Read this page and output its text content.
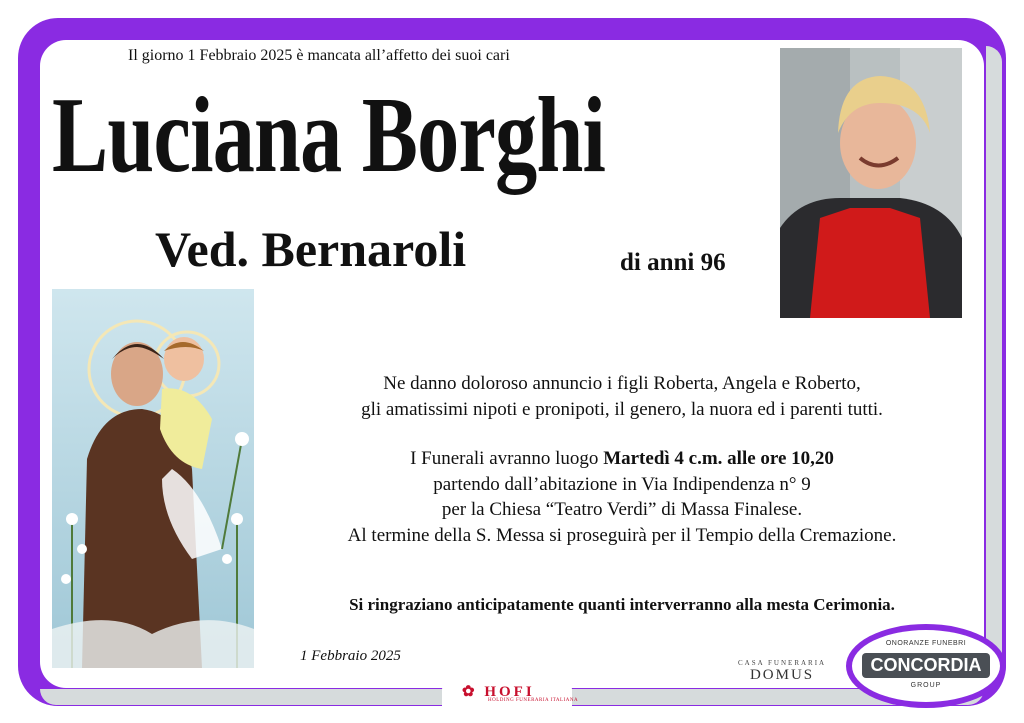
Il giorno 1 Febbraio 2025 è mancata all’affetto dei suoi cari
Luciana Borghi
Ved. Bernaroli	di anni 96
Ne danno doloroso annuncio i figli Roberta, Angela e Roberto,
gli amatissimi nipoti e pronipoti, il genero, la nuora ed i parenti tutti.
I Funerali avranno luogo Martedì 4 c.m. alle ore 10,20
partendo dall’abitazione in Via Indipendenza n° 9
per la Chiesa “Teatro Verdi” di Massa Finalese.
Al termine della S. Messa si proseguirà per il Tempio della Cremazione.
Si ringraziano anticipatamente quanti interverranno alla mesta Cerimonia.
1 Febbraio 2025	CASA FUNERARIA
DOMUS
✿ HOFI
HOLDING FUNERARIA ITALIANA
ONORANZE FUNEBRI
CONCORDIA
GROUP
